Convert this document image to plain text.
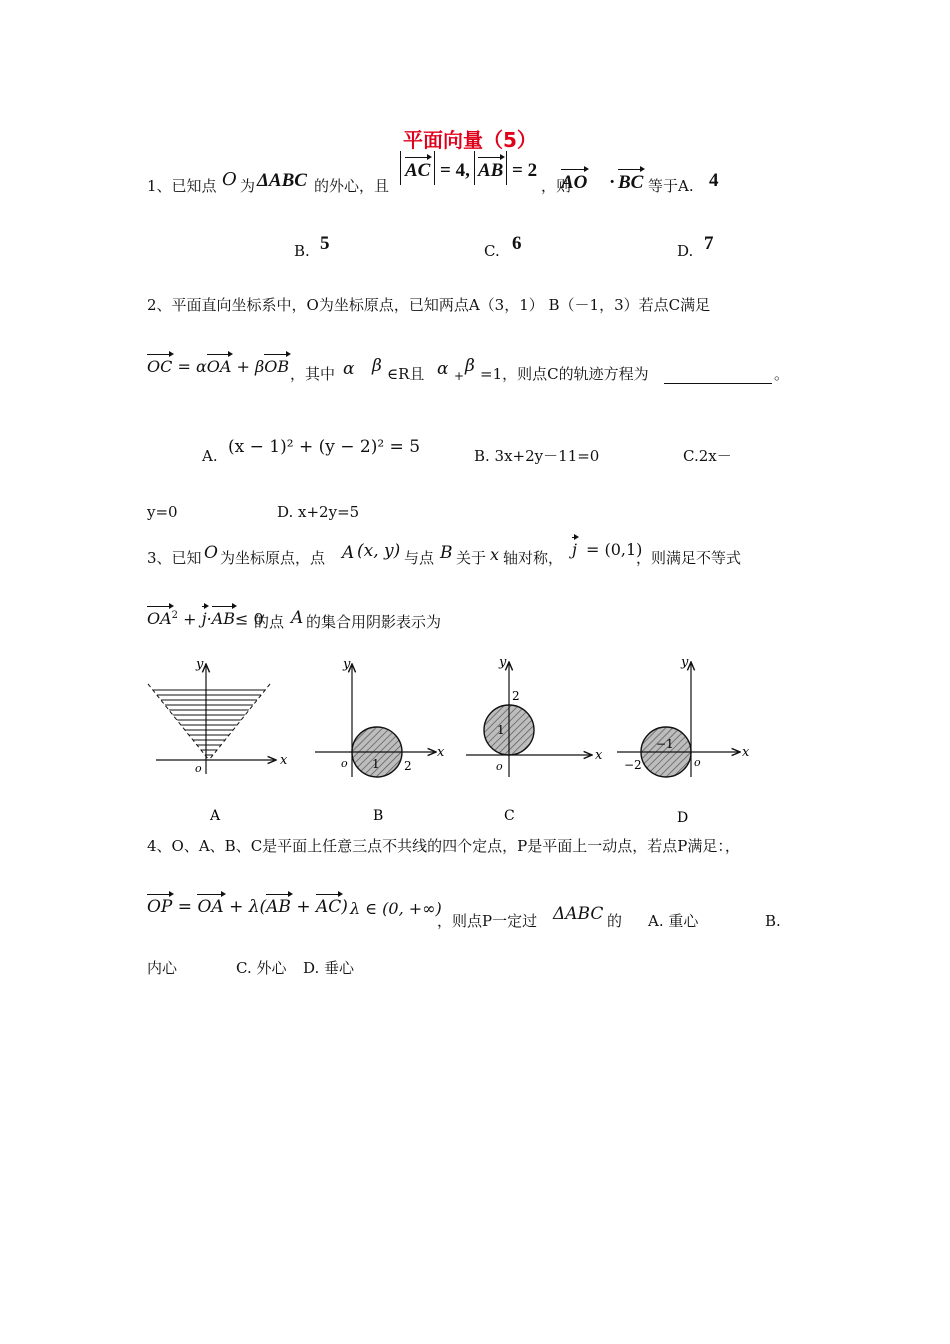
平面向量（5）
1、已知点 O 为 ΔABC 的外心，且
AC = 4, AB = 2
，则
AO · BC 等于A. 4
B. 5	C. 6	D. 7
2、平面直向坐标系中，O为坐标原点，已知两点A（3，1） B（－1，3）若点C满足
OC = αOA + βOB ，其中 α β ∈R且 α + β =1，则点C的轨迹方程为	。
A. (x − 1)² + (y − 2)² = 5	B. 3x+2y－11=0	C.2x－
y=0	D. x+2y=5
3、已知 O 为坐标原点，点 A (x, y) 与点 B 关于 x 轴对称， j = (0,1)
，则满足不等式
$OA^2 + j\cdot AB\le 0$
的点 A 的集合用阴影表示为
y
x
o
A
y
x
o 1 2
B
y
x
o
2
1
C
y
x
o
−1
−2
D
4、O、A、B、C是平面上任意三点不共线的四个定点，P是平面上一动点，若点P满足：，
OP = OA + λ(AB + AC) λ ∈ (0, +∞)
，则点P一定过 ΔABC 的 A. 重心	B.
内心	C. 外心 D. 垂心
